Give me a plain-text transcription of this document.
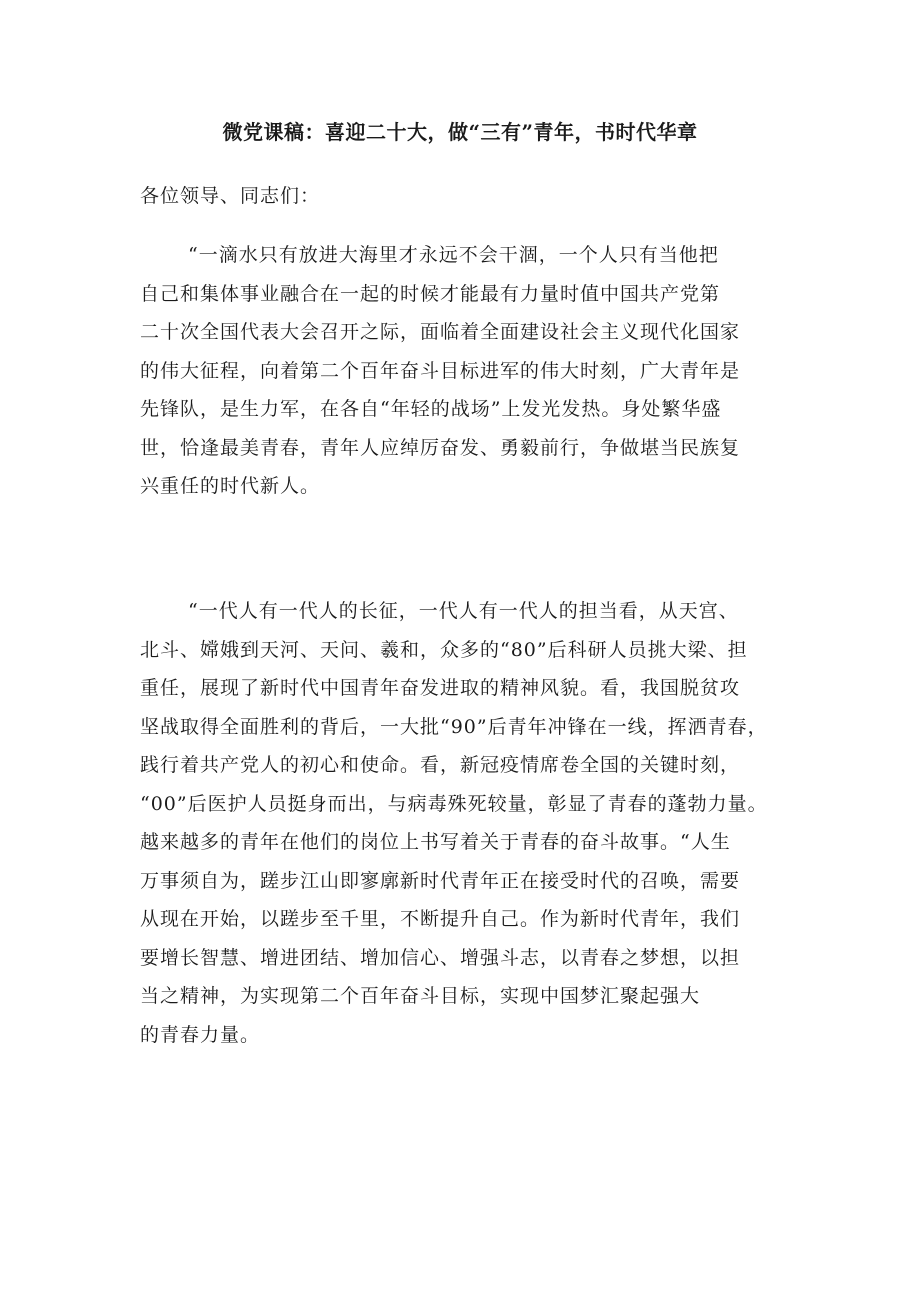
微党课稿：喜迎二十大，做“三有”青年，书时代华章
各位领导、同志们：
“一滴水只有放进大海里才永远不会干涸，一个人只有当他把
自己和集体事业融合在一起的时候才能最有力量时值中国共产党第
二十次全国代表大会召开之际，面临着全面建设社会主义现代化国家
的伟大征程，向着第二个百年奋斗目标进军的伟大时刻，广大青年是
先锋队，是生力军，在各自“年轻的战场”上发光发热。身处繁华盛
世，恰逢最美青春，青年人应绰厉奋发、勇毅前行，争做堪当民族复
兴重任的时代新人。
“一代人有一代人的长征，一代人有一代人的担当看，从天宫、
北斗、嫦娥到天河、天问、羲和，众多的“80”后科研人员挑大梁、担
重任，展现了新时代中国青年奋发进取的精神风貌。看，我国脱贫攻
坚战取得全面胜利的背后，一大批“90”后青年冲锋在一线，挥洒青春，
践行着共产党人的初心和使命。看，新冠疫情席卷全国的关键时刻，
“00”后医护人员挺身而出，与病毒殊死较量，彰显了青春的蓬勃力量。
越来越多的青年在他们的岗位上书写着关于青春的奋斗故事。“人生
万事须自为，蹉步江山即寥廓新时代青年正在接受时代的召唤，需要
从现在开始，以蹉步至千里，不断提升自己。作为新时代青年，我们
要增长智慧、增进团结、增加信心、增强斗志，以青春之梦想，以担
当之精神，为实现第二个百年奋斗目标，实现中国梦汇聚起强大
的青春力量。
